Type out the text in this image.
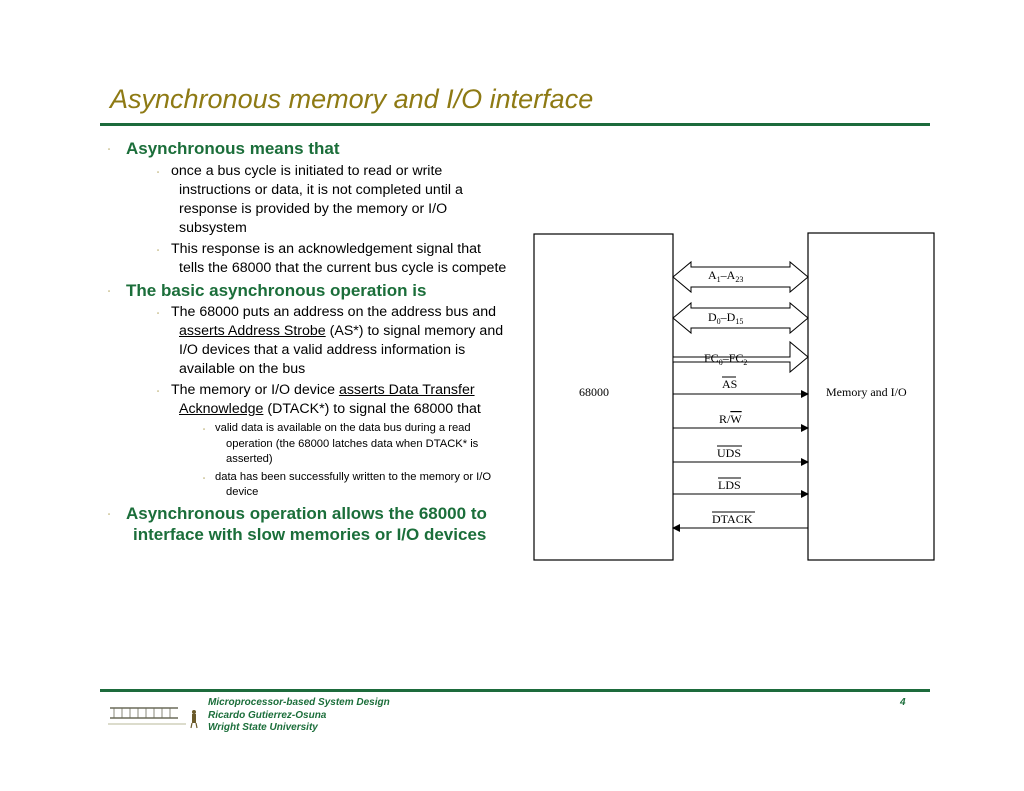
Asynchronous memory and I/O interface
▫ Asynchronous means that
▫ once a bus cycle is initiated to read or write instructions or data, it is not completed until a response is provided by the memory or I/O subsystem
▫ This response is an acknowledgement signal that tells the 68000 that the current bus cycle is compete
▫ The basic asynchronous operation is
▫ The 68000 puts an address on the address bus and asserts Address Strobe (AS*) to signal memory and I/O devices that a valid address information is available on the bus
▫ The memory or I/O device asserts Data Transfer Acknowledge (DTACK*) to signal the 68000 that
▫ valid data is available on the data bus during a read operation (the 68000 latches data when DTACK* is asserted)
▫ data has been successfully written to the memory or I/O device
▫ Asynchronous operation allows the 68000 to interface with slow memories or I/O devices
68000	Memory and I/O
$A_1-A_{23}$
$D_0-D_{15}$
$FC_0-FC_2$
AS
R/W
UDS
LDS
DTACK
Microprocessor-based System Design
Ricardo Gutierrez-Osuna
Wright State University
4
